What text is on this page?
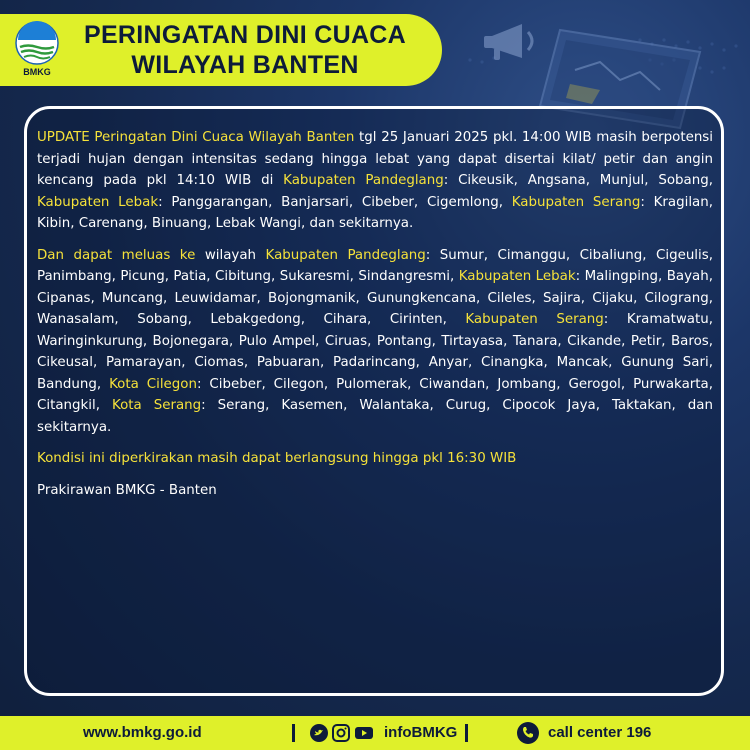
BMKG
PERINGATAN DINI CUACA
WILAYAH BANTEN

UPDATE Peringatan Dini Cuaca Wilayah Banten tgl 25 Januari 2025 pkl. 14:00 WIB masih berpotensi terjadi hujan dengan intensitas sedang hingga lebat yang dapat disertai kilat/ petir dan angin kencang pada pkl 14:10 WIB di Kabupaten Pandeglang: Cikeusik, Angsana, Munjul, Sobang, Kabupaten Lebak: Panggarangan, Banjarsari, Cibeber, Cigemlong, Kabupaten Serang: Kragilan, Kibin, Carenang, Binuang, Lebak Wangi, dan sekitarnya.

Dan dapat meluas ke wilayah Kabupaten Pandeglang: Sumur, Cimanggu, Cibaliung, Cigeulis, Panimbang, Picung, Patia, Cibitung, Sukaresmi, Sindangresmi, Kabupaten Lebak: Malingping, Bayah, Cipanas, Muncang, Leuwidamar, Bojongmanik, Gunungkencana, Cileles, Sajira, Cijaku, Cilograng, Wanasalam, Sobang, Lebakgedong, Cihara, Cirinten, Kabupaten Serang: Kramatwatu, Waringinkurung, Bojonegara, Pulo Ampel, Ciruas, Pontang, Tirtayasa, Tanara, Cikande, Petir, Baros, Cikeusal, Pamarayan, Ciomas, Pabuaran, Padarincang, Anyar, Cinangka, Mancak, Gunung Sari, Bandung, Kota Cilegon: Cibeber, Cilegon, Pulomerak, Ciwandan, Jombang, Gerogol, Purwakarta, Citangkil, Kota Serang: Serang, Kasemen, Walantaka, Curug, Cipocok Jaya, Taktakan, dan sekitarnya.

Kondisi ini diperkirakan masih dapat berlangsung hingga pkl 16:30 WIB

Prakirawan BMKG - Banten

www.bmkg.go.id	infoBMKG	call center 196
